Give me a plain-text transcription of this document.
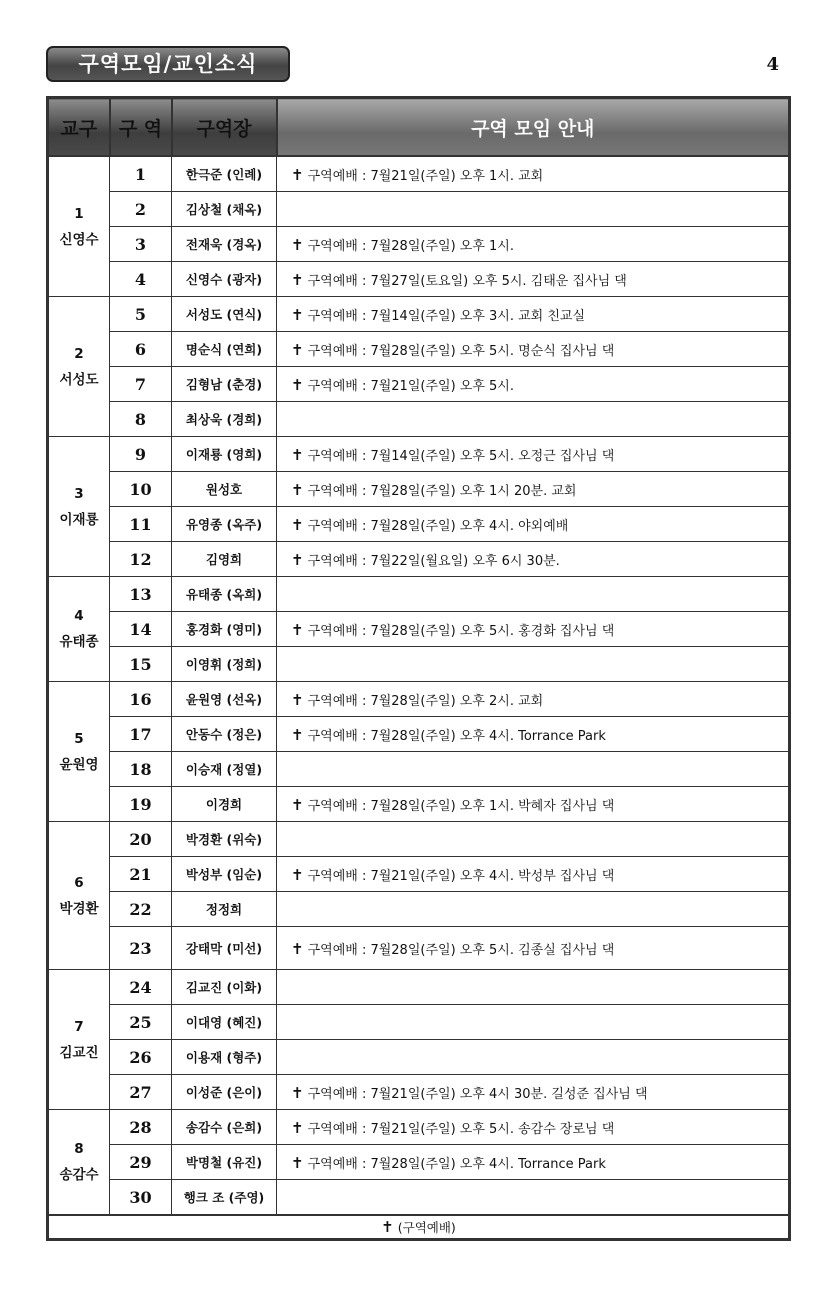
구역모임/교인소식	4
교구	구 역	구역장	구역 모임 안내

1
신영수	1	한극준 (인례)	✝ 구역예배 : 7월21일(주일) 오후 1시. 교회
	2	김상철 (채옥)	
	3	전재욱 (경옥)	✝ 구역예배 : 7월28일(주일) 오후 1시.
	4	신영수 (광자)	✝ 구역예배 : 7월27일(토요일) 오후 5시. 김태운 집사님 댁

2
서성도	5	서성도 (연식)	✝ 구역예배 : 7월14일(주일) 오후 3시. 교회 친교실
	6	명순식 (연희)	✝ 구역예배 : 7월28일(주일) 오후 5시. 명순식 집사님 댁
	7	김형남 (춘경)	✝ 구역예배 : 7월21일(주일) 오후 5시.
	8	최상욱 (경희)	

3
이재룡	9	이재룡 (영희)	✝ 구역예배 : 7월14일(주일) 오후 5시. 오정근 집사님 댁
	10	원성호	✝ 구역예배 : 7월28일(주일) 오후 1시 20분. 교회
	11	유영종 (옥주)	✝ 구역예배 : 7월28일(주일) 오후 4시. 야외예배
	12	김영희	✝ 구역예배 : 7월22일(월요일) 오후 6시 30분.

4
유태종	13	유태종 (옥희)	
	14	홍경화 (영미)	✝ 구역예배 : 7월28일(주일) 오후 5시. 홍경화 집사님 댁
	15	이영휘 (정희)	

5
윤원영	16	윤원영 (선옥)	✝ 구역예배 : 7월28일(주일) 오후 2시. 교회
	17	안동수 (정은)	✝ 구역예배 : 7월28일(주일) 오후 4시. Torrance Park
	18	이승재 (정열)	
	19	이경희	✝ 구역예배 : 7월28일(주일) 오후 1시. 박혜자 집사님 댁

6
박경환	20	박경환 (위숙)	
	21	박성부 (임순)	✝ 구역예배 : 7월21일(주일) 오후 4시. 박성부 집사님 댁
	22	정정희	
	23	강태막 (미선)	✝ 구역예배 : 7월28일(주일) 오후 5시. 김종실 집사님 댁

7
김교진	24	김교진 (이화)	
	25	이대영 (혜진)	
	26	이용재 (형주)	
	27	이성준 (은이)	✝ 구역예배 : 7월21일(주일) 오후 4시 30분. 길성준 집사님 댁

8
송감수	28	송감수 (은희)	✝ 구역예배 : 7월21일(주일) 오후 5시. 송감수 장로님 댁
	29	박명철 (유진)	✝ 구역예배 : 7월28일(주일) 오후 4시. Torrance Park
	30	행크 조 (주영)	
✝ (구역예배)			
